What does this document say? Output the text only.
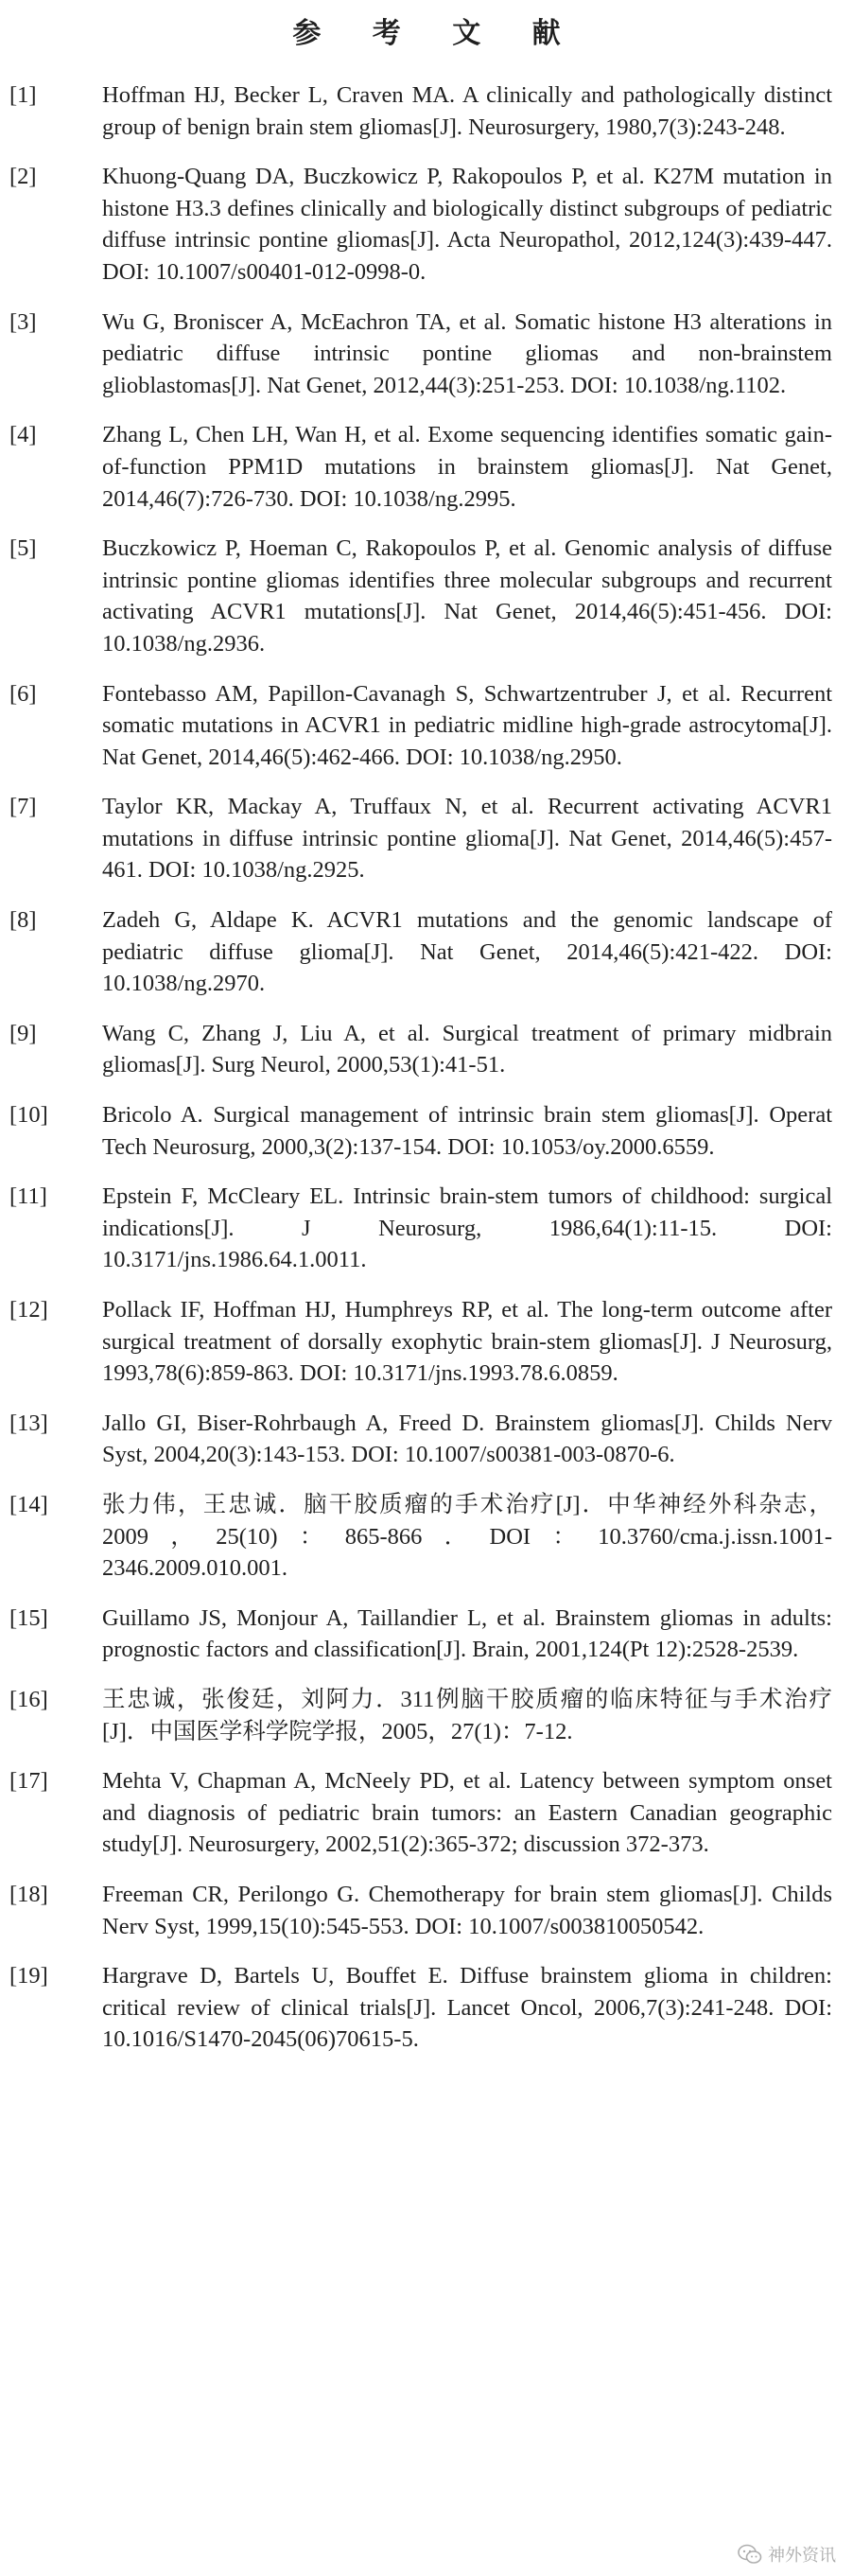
参 考 文 献
[1]	Hoffman HJ, Becker L, Craven MA. A clinically and pathologically distinct group of benign brain stem gliomas[J]. Neurosurgery, 1980,7(3):243-248.
[2]	Khuong-Quang DA, Buczkowicz P, Rakopoulos P, et al. K27M mutation in histone H3.3 defines clinically and biologically distinct subgroups of pediatric diffuse intrinsic pontine gliomas[J]. Acta Neuropathol, 2012,124(3):439-447. DOI: 10.1007/s00401-012-0998-0.
[3]	Wu G, Broniscer A, McEachron TA, et al. Somatic histone H3 alterations in pediatric diffuse intrinsic pontine gliomas and non-brainstem glioblastomas[J]. Nat Genet, 2012,44(3):251-253. DOI: 10.1038/ng.1102.
[4]	Zhang L, Chen LH, Wan H, et al. Exome sequencing identifies somatic gain-of-function PPM1D mutations in brainstem gliomas[J]. Nat Genet, 2014,46(7):726-730. DOI: 10.1038/ng.2995.
[5]	Buczkowicz P, Hoeman C, Rakopoulos P, et al. Genomic analysis of diffuse intrinsic pontine gliomas identifies three molecular subgroups and recurrent activating ACVR1 mutations[J]. Nat Genet, 2014,46(5):451-456. DOI: 10.1038/ng.2936.
[6]	Fontebasso AM, Papillon-Cavanagh S, Schwartzentruber J, et al. Recurrent somatic mutations in ACVR1 in pediatric midline high-grade astrocytoma[J]. Nat Genet, 2014,46(5):462-466. DOI: 10.1038/ng.2950.
[7]	Taylor KR, Mackay A, Truffaux N, et al. Recurrent activating ACVR1 mutations in diffuse intrinsic pontine glioma[J]. Nat Genet, 2014,46(5):457-461. DOI: 10.1038/ng.2925.
[8]	Zadeh G, Aldape K. ACVR1 mutations and the genomic landscape of pediatric diffuse glioma[J]. Nat Genet, 2014,46(5):421-422. DOI: 10.1038/ng.2970.
[9]	Wang C, Zhang J, Liu A, et al. Surgical treatment of primary midbrain gliomas[J]. Surg Neurol, 2000,53(1):41-51.
[10]	Bricolo A. Surgical management of intrinsic brain stem gliomas[J]. Operat Tech Neurosurg, 2000,3(2):137-154. DOI: 10.1053/oy.2000.6559.
[11]	Epstein F, McCleary EL. Intrinsic brain-stem tumors of childhood: surgical indications[J]. J Neurosurg, 1986,64(1):11-15. DOI: 10.3171/jns.1986.64.1.0011.
[12]	Pollack IF, Hoffman HJ, Humphreys RP, et al. The long-term outcome after surgical treatment of dorsally exophytic brain-stem gliomas[J]. J Neurosurg, 1993,78(6):859-863. DOI: 10.3171/jns.1993.78.6.0859.
[13]	Jallo GI, Biser-Rohrbaugh A, Freed D. Brainstem gliomas[J]. Childs Nerv Syst, 2004,20(3):143-153. DOI: 10.1007/s00381-003-0870-6.
[14]	张力伟，王忠诚．脑干胶质瘤的手术治疗[J]．中华神经外科杂志，2009，25(10)：865-866．DOI：10.3760/cma.j.issn.1001-2346.2009.010.001.
[15]	Guillamo JS, Monjour A, Taillandier L, et al. Brainstem gliomas in adults: prognostic factors and classification[J]. Brain, 2001,124(Pt 12):2528-2539.
[16]	王忠诚，张俊廷，刘阿力．311例脑干胶质瘤的临床特征与手术治疗[J]．中国医学科学院学报，2005，27(1)：7-12.
[17]	Mehta V, Chapman A, McNeely PD, et al. Latency between symptom onset and diagnosis of pediatric brain tumors: an Eastern Canadian geographic study[J]. Neurosurgery, 2002,51(2):365-372; discussion 372-373.
[18]	Freeman CR, Perilongo G. Chemotherapy for brain stem gliomas[J]. Childs Nerv Syst, 1999,15(10):545-553. DOI: 10.1007/s003810050542.
[19]	Hargrave D, Bartels U, Bouffet E. Diffuse brainstem glioma in children: critical review of clinical trials[J]. Lancet Oncol, 2006,7(3):241-248. DOI: 10.1016/S1470-2045(06)70615-5.
神外资讯
